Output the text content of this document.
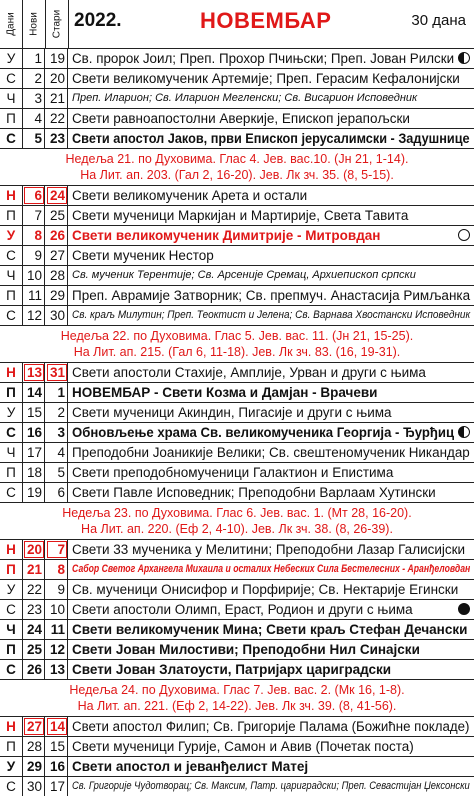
Дани Нови Стари 2022.	НОВЕМБАР	30 дана
У	1 19 Св. пророк Јоил; Преп. Прохор Пчињски; Преп. Јован Рилски
С	2 20 Свети великомученик Артемије; Преп. Герасим Кефалонијски
Ч	3 21 Преп. Иларион; Св. Иларион Мегленски; Св. Висарион Исповедник
П	4 22 Свети равноапостолни Аверкије, Епископ јерапољски
С	5 23 Свети апостол Јаков, први Епископ јерусалимски - Задушнице
Недеља 21. по Духовима. Глас 4. Јев. вас.10. (Јн 21, 1-14).
На Лит. ап. 203. (Гал 2, 16-20). Јев. Лк зч. 35. (8, 5-15).
Н	6 24 Свети великомученик Арета и остали
П	7 25 Свети мученици Маркијан и Мартирије, Света Тавита
У	8 26 Свети великомученик Димитрије - Митровдан
С	9 27 Свети мученик Нестор
Ч 10 28 Св. мученик Терентије; Св. Арсеније Сремац, Архиепископ српски
П 11 29 Преп. Аврамије Затворник; Св. препмуч. Анастасија Римљанка
С 12 30 Св. краљ Милутин; Преп. Теоктист и Јелена; Св. Варнава Хвостански Исповедник
Недеља 22. по Духовима. Глас 5. Јев. вас. 11. (Јн 21, 15-25).
На Лит. ап. 215. (Гал 6, 11-18). Јев. Лк зч. 83. (16, 19-31).
Н 13 31 Свети апостоли Стахије, Амплије, Урван и други с њима
П 14	1 НОВЕМБАР - Свети Козма и Дамјан - Врачеви
У 15	2 Свети мученици Акиндин, Пигасије и други с њима
С 16	3 Обновљење храма Св. великомученика Георгија - Ђурђиц
Ч 17	4 Преподобни Јоаникије Велики; Св. свештеномученик Никандар
П 18	5 Свети преподобномученици Галактион и Епистима
С 19	6 Свети Павле Исповедник; Преподобни Варлаам Хутински
Недеља 23. по Духовима. Глас 6. Јев. вас. 1. (Мт 28, 16-20).
На Лит. ап. 220. (Еф 2, 4-10). Јев. Лк зч. 38. (8, 26-39).
Н 20	7 Свети 33 мученика у Мелитини; Преподобни Лазар Галисијски
П 21	8 Сабор Светог Архангела Михаила и осталих Небеских Сила Бестелесних - Аранђеловдан
У 22	9 Св. мученици Онисифор и Порфирије; Св. Нектарије Егински
С 23 10 Свети апостоли Олимп, Ераст, Родион и други с њима
Ч 24 11 Свети великомученик Мина; Свети краљ Стефан Дечански
П 25 12 Свети Јован Милостиви; Преподобни Нил Синајски
С 26 13 Свети Јован Златоусти, Патријарх цариградски
Недеља 24. по Духовима. Глас 7. Јев. вас. 2. (Мк 16, 1-8).
На Лит. ап. 221. (Еф 2, 14-22). Јев. Лк зч. 39. (8, 41-56).
Н 27 14 Свети апостол Филип; Св. Григорије Палама (Божићне покладе)
П 28 15 Свети мученици Гурије, Самон и Авив (Почетак поста)
У 29 16 Свети апостол и јеванђелист Матеј
С 30 17 Св. Григорије Чудотворац; Св. Максим, Патр. цариградски; Преп. Севастијан Џексонски
